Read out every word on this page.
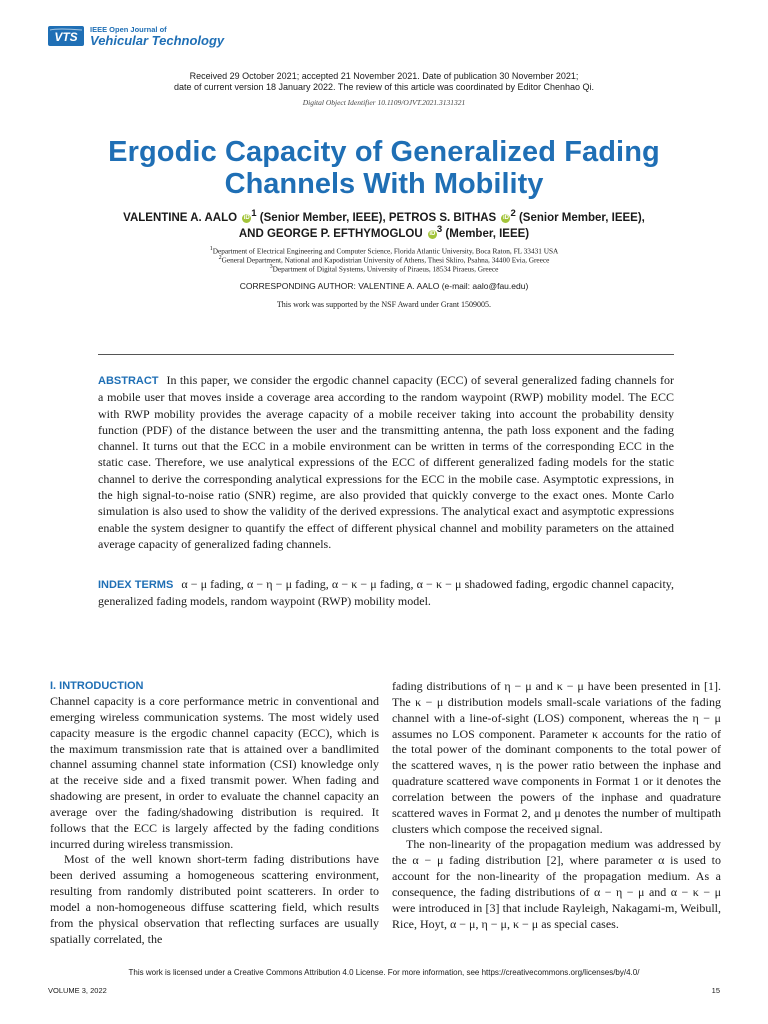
VTS
IEEE Open Journal of
Vehicular Technology
Received 29 October 2021; accepted 21 November 2021. Date of publication 30 November 2021;
date of current version 18 January 2022. The review of this article was coordinated by Editor Chenhao Qi.
Digital Object Identifier 10.1109/OJVT.2021.3131321
Ergodic Capacity of Generalized Fading
Channels With Mobility
VALENTINE A. AALO iD $^1$ (Senior Member, IEEE), PETROS S. BITHAS iD $^2$ (Senior Member, IEEE),
AND GEORGE P. EFTHYMOGLOU iD $^3$ (Member, IEEE)
$^1$Department of Electrical Engineering and Computer Science, Florida Atlantic University, Boca Raton, FL 33431 USA
$^2$General Department, National and Kapodistrian University of Athens, Thesi Skliro, Psahna, 34400 Evia, Greece
$^3$Department of Digital Systems, University of Piraeus, 18534 Piraeus, Greece
CORRESPONDING AUTHOR: VALENTINE A. AALO (e-mail: aalo@fau.edu)
This work was supported by the NSF Award under Grant 1509005.
ABSTRACT In this paper, we consider the ergodic channel capacity (ECC) of several generalized fading channels for a mobile user that moves inside a coverage area according to the random waypoint (RWP) mobility model. The ECC with RWP mobility provides the average capacity of a mobile receiver taking into account the probability density function (PDF) of the distance between the user and the transmitting antenna, the path loss exponent and the fading channel. It turns out that the ECC in a mobile environment can be written in terms of the corresponding ECC in the static case. Therefore, we use analytical expressions of the ECC of different generalized fading models for the static channel to derive the corresponding analytical expressions for the ECC in the mobile case. Asymptotic expressions, in the high signal-to-noise ratio (SNR) regime, are also provided that quickly converge to the exact ones. Monte Carlo simulation is also used to show the validity of the derived expressions. The analytical exact and asymptotic expressions enable the system designer to quantify the effect of different physical channel and mobility parameters on the attained average capacity of generalized fading channels.
INDEX TERMS α − μ fading, α − η − μ fading, α − κ − μ fading, α − κ − μ shadowed fading, ergodic channel capacity, generalized fading models, random waypoint (RWP) mobility model.
I. INTRODUCTION

Channel capacity is a core performance metric in conventional and emerging wireless communication systems. The most widely used capacity measure is the ergodic channel capacity (ECC), which is the maximum transmission rate that is attained over a bandlimited channel assuming channel state information (CSI) knowledge only at the receive side and a fixed transmit power. When fading and shadowing are present, in order to evaluate the channel capacity an average over the fading/shadowing distribution is required. It follows that the ECC is largely affected by the fading conditions incurred during wireless transmission.

Most of the well known short-term fading distributions have been derived assuming a homogeneous scattering environment, resulting from randomly distributed point scatterers. In order to model a non-homogeneous diffuse scattering field, which results from the physical observation that reflecting surfaces are usually spatially correlated, the

fading distributions of η − μ and κ − μ have been presented in [1]. The κ − μ distribution models small-scale variations of the fading channel with a line-of-sight (LOS) component, whereas the η − μ assumes no LOS component. Parameter κ accounts for the ratio of the total power of the dominant components to the total power of the scattered waves, η is the power ratio between the inphase and quadrature scattered wave components in Format 1 or it denotes the correlation between the powers of the inphase and quadrature scattered waves in Format 2, and μ denotes the number of multipath clusters which compose the received signal.

The non-linearity of the propagation medium was addressed by the α − μ fading distribution [2], where parameter α is used to account for the non-linearity of the propagation medium. As a consequence, the fading distributions of α − η − μ and α − κ − μ were introduced in [3] that include Rayleigh, Nakagami-m, Weibull, Rice, Hoyt, α − μ, η − μ, κ − μ as special cases.

This work is licensed under a Creative Commons Attribution 4.0 License. For more information, see https://creativecommons.org/licenses/by/4.0/
VOLUME 3, 2022	15
